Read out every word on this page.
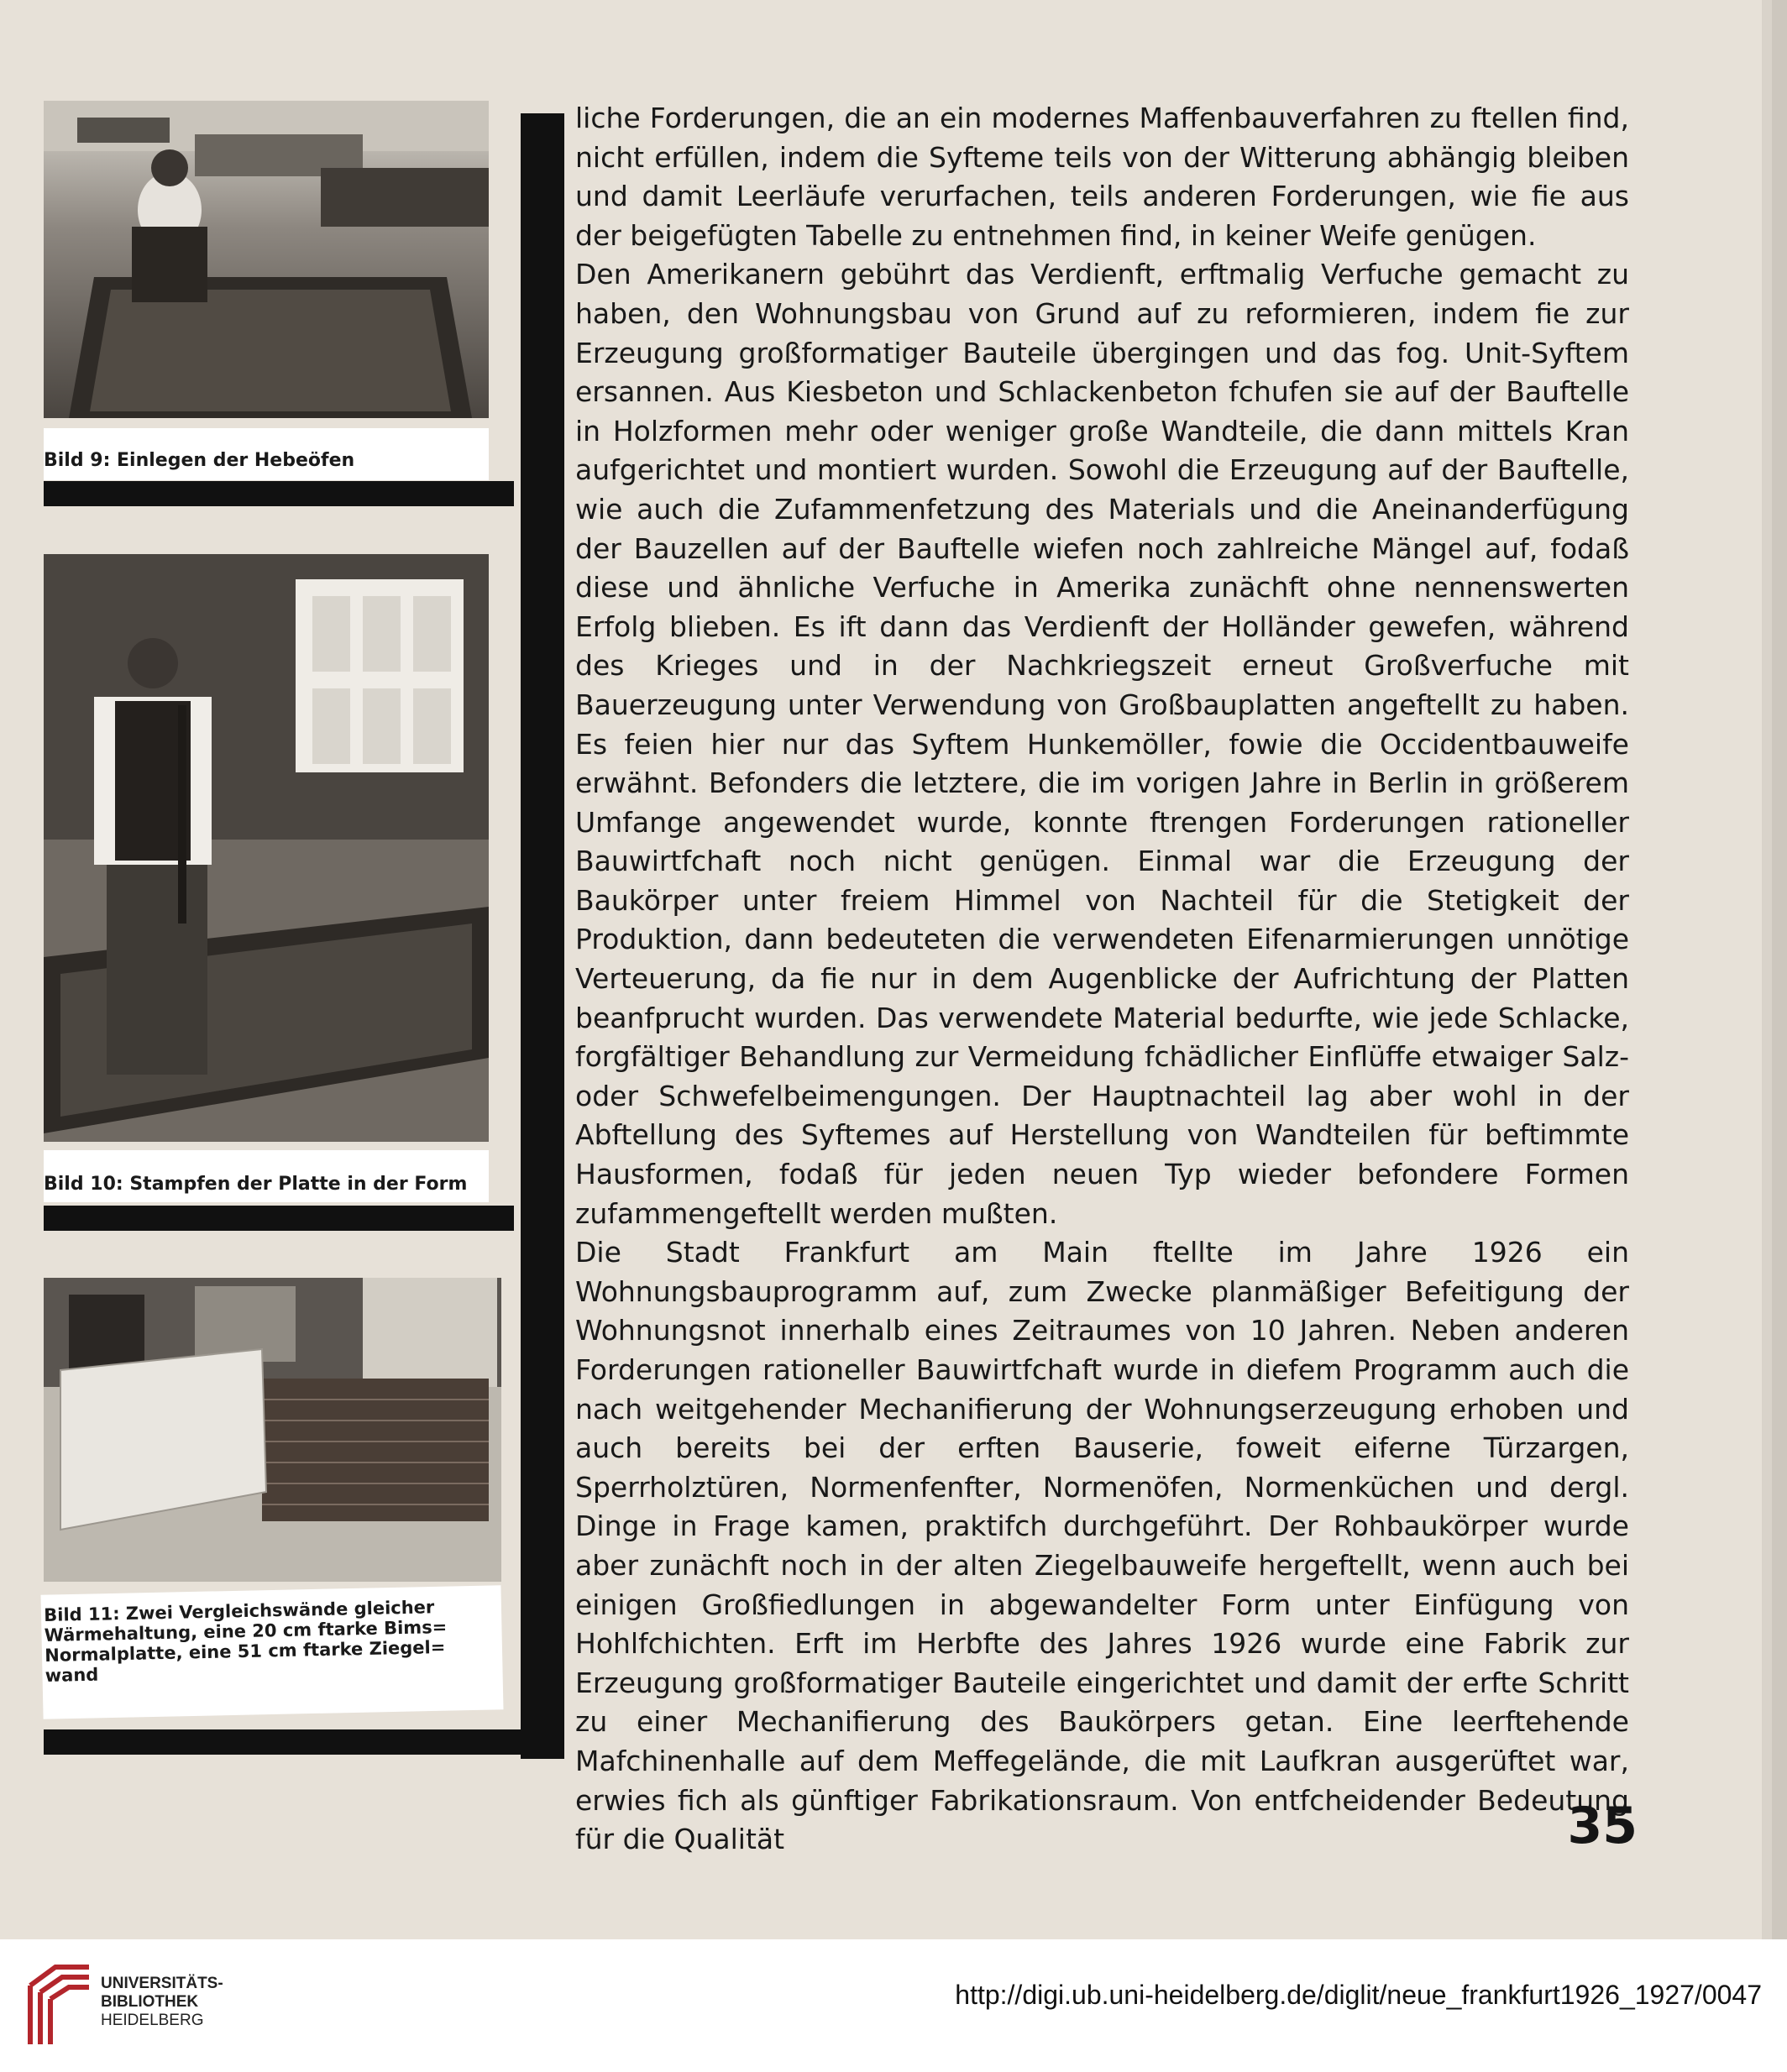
Bild 9: Einlegen der Hebeöfen
Bild 10: Stampfen der Platte in der Form
Bild 11: Zwei Vergleichswände gleicher
Wärmehaltung, eine 20 cm ftarke Bims=
Normalplatte, eine 51 cm ftarke Ziegel=
wand

liche Forderungen, die an ein modernes Maffenbauverfahren zu ftellen find, nicht erfüllen, indem die Syfteme teils von der Witterung abhängig bleiben und damit Leerläufe verurfachen, teils anderen Forderungen, wie fie aus der beigefügten Tabelle zu entnehmen find, in keiner Weife genügen.

Den Amerikanern gebührt das Verdienft, erftmalig Verfuche gemacht zu haben, den Wohnungsbau von Grund auf zu reformieren, indem fie zur Erzeugung großformatiger Bauteile übergingen und das fog. Unit-Syftem ersannen. Aus Kiesbeton und Schlackenbeton fchufen sie auf der Bauftelle in Holzformen mehr oder weniger große Wandteile, die dann mittels Kran aufgerichtet und montiert wurden. Sowohl die Erzeugung auf der Bauftelle, wie auch die Zufammenfetzung des Materials und die Aneinanderfügung der Bauzellen auf der Bauftelle wiefen noch zahlreiche Mängel auf, fodaß diese und ähnliche Verfuche in Amerika zunächft ohne nennenswerten Erfolg blieben. Es ift dann das Verdienft der Holländer gewefen, während des Krieges und in der Nachkriegszeit erneut Großverfuche mit Bauerzeugung unter Verwendung von Großbauplatten angeftellt zu haben. Es feien hier nur das Syftem Hunkemöller, fowie die Occidentbauweife erwähnt. Befonders die letztere, die im vorigen Jahre in Berlin in größerem Umfange angewendet wurde, konnte ftrengen Forderungen rationeller Bauwirtfchaft noch nicht genügen. Einmal war die Erzeugung der Baukörper unter freiem Himmel von Nachteil für die Stetigkeit der Produktion, dann bedeuteten die verwendeten Eifenarmierungen unnötige Verteuerung, da fie nur in dem Augenblicke der Aufrichtung der Platten beanfprucht wurden. Das verwendete Material bedurfte, wie jede Schlacke, forgfältiger Behandlung zur Vermeidung fchädlicher Einflüffe etwaiger Salz- oder Schwefelbeimengungen. Der Hauptnachteil lag aber wohl in der Abftellung des Syftemes auf Herstellung von Wandteilen für beftimmte Hausformen, fodaß für jeden neuen Typ wieder befondere Formen zufammengeftellt werden mußten.

Die Stadt Frankfurt am Main ftellte im Jahre 1926 ein Wohnungsbauprogramm auf, zum Zwecke planmäßiger Befeitigung der Wohnungsnot innerhalb eines Zeitraumes von 10 Jahren. Neben anderen Forderungen rationeller Bauwirtfchaft wurde in diefem Programm auch die nach weitgehender Mechanifierung der Wohnungserzeugung erhoben und auch bereits bei der erften Bauserie, foweit eiferne Türzargen, Sperrholztüren, Normenfenfter, Normenöfen, Normenküchen und dergl. Dinge in Frage kamen, praktifch durchgeführt. Der Rohbaukörper wurde aber zunächft noch in der alten Ziegelbauweife hergeftellt, wenn auch bei einigen Großfiedlungen in abgewandelter Form unter Einfügung von Hohlfchichten. Erft im Herbfte des Jahres 1926 wurde eine Fabrik zur Erzeugung großformatiger Bauteile eingerichtet und damit der erfte Schritt zu einer Mechanifierung des Baukörpers getan. Eine leerftehende Mafchinenhalle auf dem Meffegelände, die mit Laufkran ausgerüftet war, erwies fich als günftiger Fabrikationsraum. Von entfcheidender Bedeutung für die Qualität	35
UNIVERSITÄTS-
BIBLIOTHEK
HEIDELBERG
http://digi.ub.uni-heidelberg.de/diglit/neue_frankfurt1926_1927/0047
